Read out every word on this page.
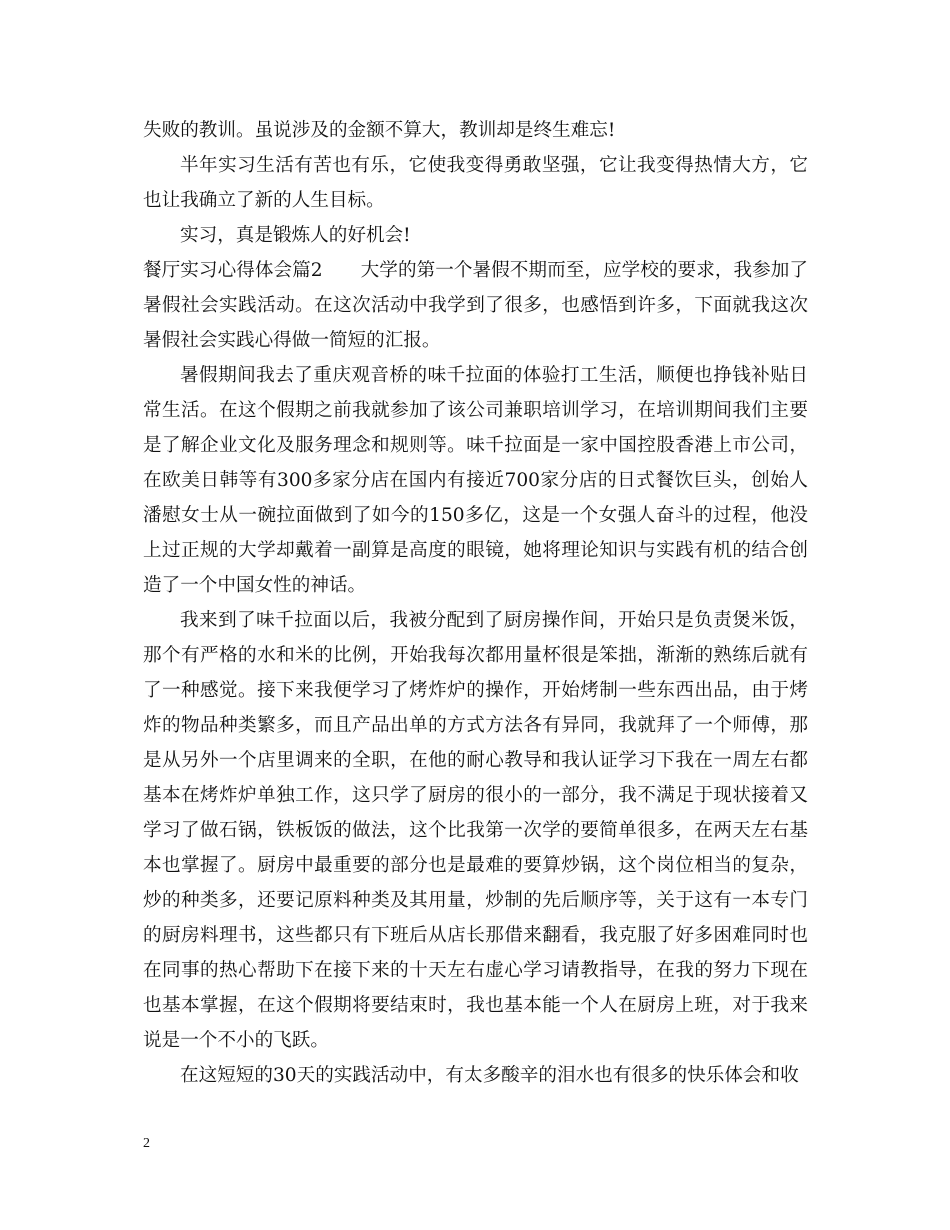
失败的教训。虽说涉及的金额不算大，教训却是终生难忘!

半年实习生活有苦也有乐，它使我变得勇敢坚强，它让我变得热情大方，它也让我确立了新的人生目标。

实习，真是锻炼人的好机会!

餐厅实习心得体会篇2 大学的第一个暑假不期而至，应学校的要求，我参加了暑假社会实践活动。在这次活动中我学到了很多，也感悟到许多，下面就我这次暑假社会实践心得做一简短的汇报。

暑假期间我去了重庆观音桥的味千拉面的体验打工生活，顺便也挣钱补贴日常生活。在这个假期之前我就参加了该公司兼职培训学习，在培训期间我们主要是了解企业文化及服务理念和规则等。味千拉面是一家中国控股香港上市公司，在欧美日韩等有300多家分店在国内有接近700家分店的日式餐饮巨头，创始人潘慰女士从一碗拉面做到了如今的150多亿，这是一个女强人奋斗的过程，他没上过正规的大学却戴着一副算是高度的眼镜，她将理论知识与实践有机的结合创造了一个中国女性的神话。

我来到了味千拉面以后，我被分配到了厨房操作间，开始只是负责煲米饭，那个有严格的水和米的比例，开始我每次都用量杯很是笨拙，渐渐的熟练后就有了一种感觉。接下来我便学习了烤炸炉的操作，开始烤制一些东西出品，由于烤炸的物品种类繁多，而且产品出单的方式方法各有异同，我就拜了一个师傅，那是从另外一个店里调来的全职，在他的耐心教导和我认证学习下我在一周左右都基本在烤炸炉单独工作，这只学了厨房的很小的一部分，我不满足于现状接着又学习了做石锅，铁板饭的做法，这个比我第一次学的要简单很多，在两天左右基本也掌握了。厨房中最重要的部分也是最难的要算炒锅，这个岗位相当的复杂，炒的种类多，还要记原料种类及其用量，炒制的先后顺序等，关于这有一本专门的厨房料理书，这些都只有下班后从店长那借来翻看，我克服了好多困难同时也在同事的热心帮助下在接下来的十天左右虚心学习请教指导，在我的努力下现在也基本掌握，在这个假期将要结束时，我也基本能一个人在厨房上班，对于我来说是一个不小的飞跃。

在这短短的30天的实践活动中，有太多酸辛的泪水也有很多的快乐体会和收

2
